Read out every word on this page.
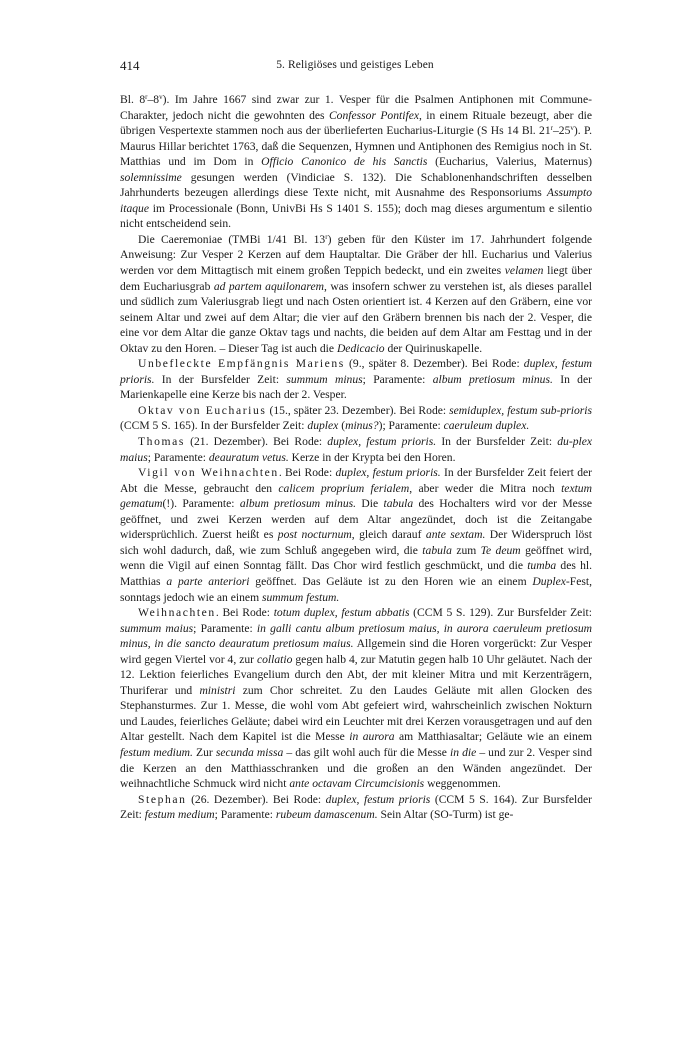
414	5. Religiöses und geistiges Leben

Bl. 8$^r$–8$^v$). Im Jahre 1667 sind zwar zur 1. Vesper für die Psalmen Antiphonen mit Commune-Charakter, jedoch nicht die gewohnten des Confessor Pontifex, in einem Rituale bezeugt, aber die übrigen Vespertexte stammen noch aus der überlieferten Eucharius-Liturgie (S Hs 14 Bl. 21$^r$–25$^v$). P. Maurus Hillar berichtet 1763, daß die Sequenzen, Hymnen und Antiphonen des Remigius noch in St. Matthias und im Dom in Officio Canonico de his Sanctis (Eucharius, Valerius, Maternus) solemnissime gesungen werden (Vindiciae S. 132). Die Schablonenhandschriften desselben Jahrhunderts bezeugen allerdings diese Texte nicht, mit Ausnahme des Responsoriums Assumpto itaque im Processionale (Bonn, UnivBi Hs S 1401 S. 155); doch mag dieses argumentum e silentio nicht entscheidend sein.

Die Caeremoniae (TMBi 1/41 Bl. 13$^r$) geben für den Küster im 17. Jahrhundert folgende Anweisung: Zur Vesper 2 Kerzen auf dem Hauptaltar. Die Gräber der hll. Eucharius und Valerius werden vor dem Mittagtisch mit einem großen Teppich bedeckt, und ein zweites velamen liegt über dem Euchariusgrab ad partem aquilonarem, was insofern schwer zu verstehen ist, als dieses parallel und südlich zum Valeriusgrab liegt und nach Osten orientiert ist. 4 Kerzen auf den Gräbern, eine vor seinem Altar und zwei auf dem Altar; die vier auf den Gräbern brennen bis nach der 2. Vesper, die eine vor dem Altar die ganze Oktav tags und nachts, die beiden auf dem Altar am Festtag und in der Oktav zu den Horen. – Dieser Tag ist auch die Dedicacio der Quirinuskapelle.

Unbefleckte Empfängnis Mariens (9., später 8. Dezember). Bei Rode: duplex, festum prioris. In der Bursfelder Zeit: summum minus; Paramente: album pretiosum minus. In der Marienkapelle eine Kerze bis nach der 2. Vesper.

Oktav von Eucharius (15., später 23. Dezember). Bei Rode: semiduplex, festum sub-prioris (CCM 5 S. 165). In der Bursfelder Zeit: duplex (minus?); Paramente: caeruleum duplex.

Thomas (21. Dezember). Bei Rode: duplex, festum prioris. In der Bursfelder Zeit: du-plex maius; Paramente: deauratum vetus. Kerze in der Krypta bei den Horen.

Vigil von Weihnachten. Bei Rode: duplex, festum prioris. In der Bursfelder Zeit feiert der Abt die Messe, gebraucht den calicem proprium ferialem, aber weder die Mitra noch textum gematum(!). Paramente: album pretiosum minus. Die tabula des Hochalters wird vor der Messe geöffnet, und zwei Kerzen werden auf dem Altar angezündet, doch ist die Zeitangabe widersprüchlich. Zuerst heißt es post nocturnum, gleich darauf ante sextam. Der Widerspruch löst sich wohl dadurch, daß, wie zum Schluß angegeben wird, die tabula zum Te deum geöffnet wird, wenn die Vigil auf einen Sonntag fällt. Das Chor wird festlich geschmückt, und die tumba des hl. Matthias a parte anteriori geöffnet. Das Geläute ist zu den Horen wie an einem Duplex-Fest, sonntags jedoch wie an einem summum festum.

Weihnachten. Bei Rode: totum duplex, festum abbatis (CCM 5 S. 129). Zur Bursfelder Zeit: summum maius; Paramente: in galli cantu album pretiosum maius, in aurora caeruleum pretiosum minus, in die sancto deauratum pretiosum maius. Allgemein sind die Horen vorgerückt: Zur Vesper wird gegen Viertel vor 4, zur collatio gegen halb 4, zur Matutin gegen halb 10 Uhr geläutet. Nach der 12. Lektion feierliches Evangelium durch den Abt, der mit kleiner Mitra und mit Kerzenträgern, Thuriferar und ministri zum Chor schreitet. Zu den Laudes Geläute mit allen Glocken des Stephansturmes. Zur 1. Messe, die wohl vom Abt gefeiert wird, wahrscheinlich zwischen Nokturn und Laudes, feierliches Geläute; dabei wird ein Leuchter mit drei Kerzen vorausgetragen und auf den Altar gestellt. Nach dem Kapitel ist die Messe in aurora am Matthiasaltar; Geläute wie an einem festum medium. Zur secunda missa – das gilt wohl auch für die Messe in die – und zur 2. Vesper sind die Kerzen an den Matthiasschranken und die großen an den Wänden angezündet. Der weihnachtliche Schmuck wird nicht ante octavam Circumcisionis weggenommen.

Stephan (26. Dezember). Bei Rode: duplex, festum prioris (CCM 5 S. 164). Zur Bursfelder Zeit: festum medium; Paramente: rubeum damascenum. Sein Altar (SO-Turm) ist ge-
